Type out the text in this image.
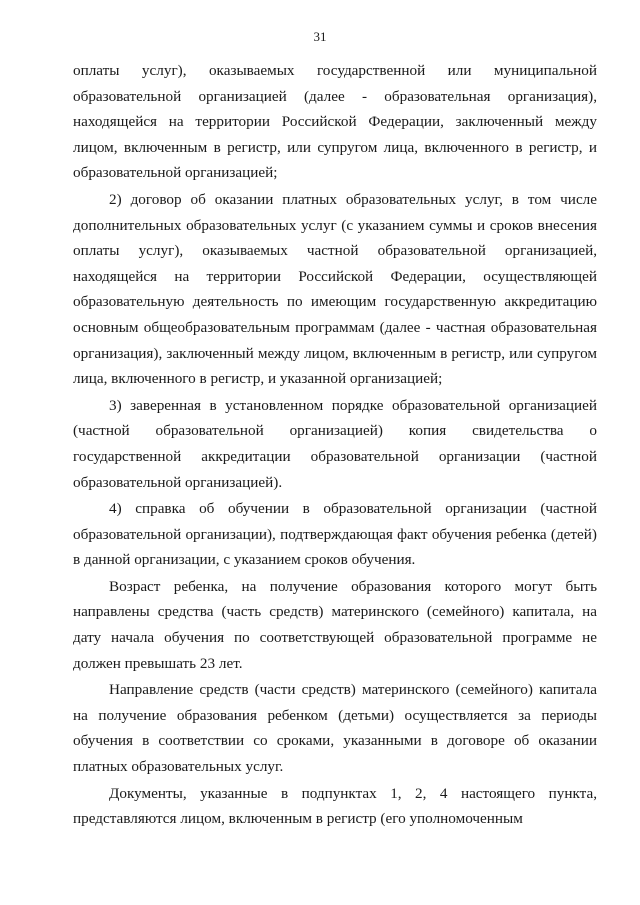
31

оплаты услуг), оказываемых государственной или муниципальной образовательной организацией (далее - образовательная организация), находящейся на территории Российской Федерации, заключенный между лицом, включенным в регистр, или супругом лица, включенного в регистр, и образовательной организацией;

2) договор об оказании платных образовательных услуг, в том числе дополнительных образовательных услуг (с указанием суммы и сроков внесения оплаты услуг), оказываемых частной образовательной организацией, находящейся на территории Российской Федерации, осуществляющей образовательную деятельность по имеющим государственную аккредитацию основным общеобразовательным программам (далее - частная образовательная организация), заключенный между лицом, включенным в регистр, или супругом лица, включенного в регистр, и указанной организацией;

3) заверенная в установленном порядке образовательной организацией (частной образовательной организацией) копия свидетельства о государственной аккредитации образовательной организации (частной образовательной организацией).

4) справка об обучении в образовательной организации (частной образовательной организации), подтверждающая факт обучения ребенка (детей) в данной организации, с указанием сроков обучения.

Возраст ребенка, на получение образования которого могут быть направлены средства (часть средств) материнского (семейного) капитала, на дату начала обучения по соответствующей образовательной программе не должен превышать 23 лет.

Направление средств (части средств) материнского (семейного) капитала на получение образования ребенком (детьми) осуществляется за периоды обучения в соответствии со сроками, указанными в договоре об оказании платных образовательных услуг.

Документы, указанные в подпунктах 1, 2, 4 настоящего пункта, представляются лицом, включенным в регистр (его уполномоченным
